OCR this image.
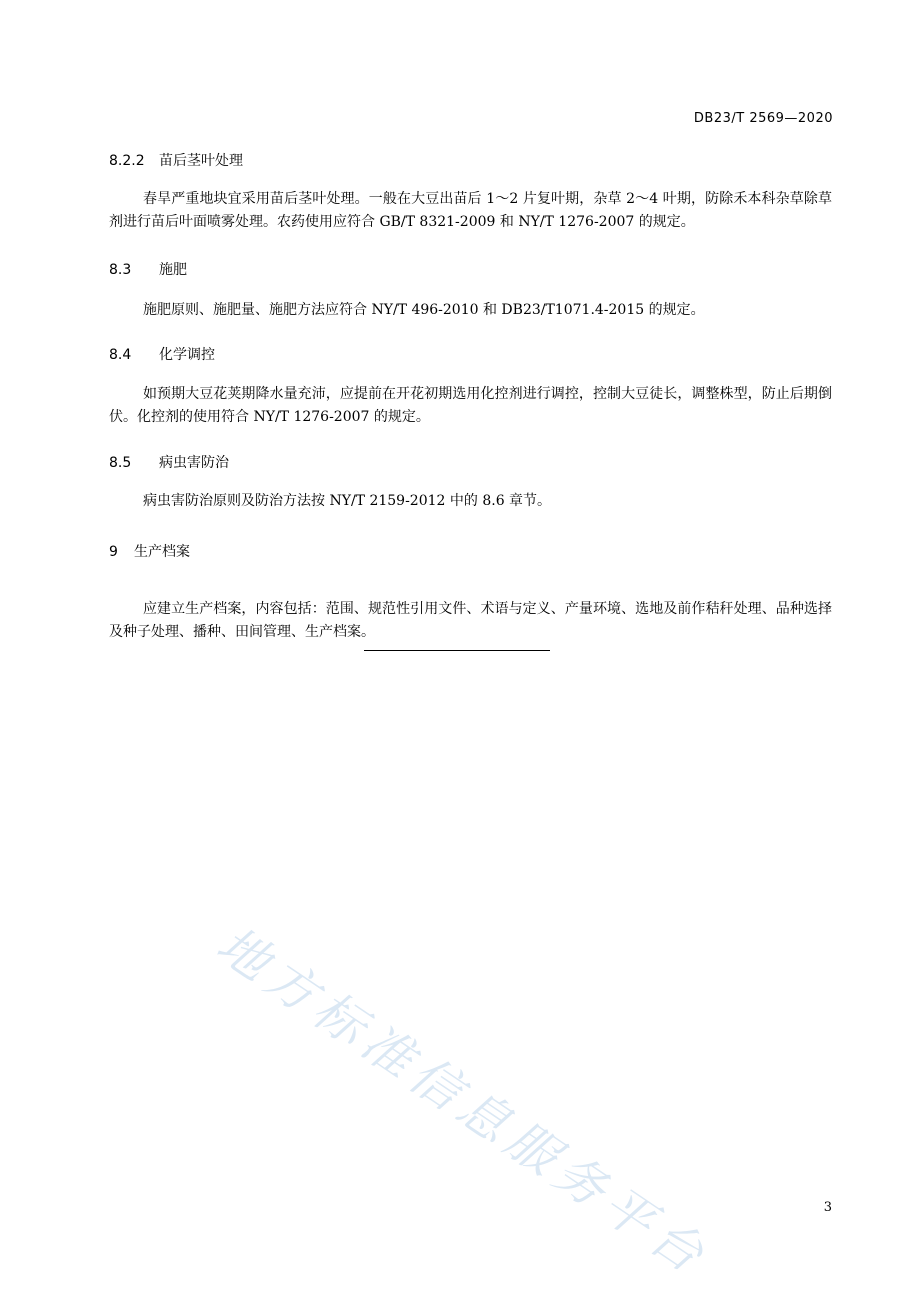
DB23/T 2569—2020
8.2.2 苗后茎叶处理

春旱严重地块宜采用苗后茎叶处理。一般在大豆出苗后 1～2 片复叶期，杂草 2～4 叶期，防除禾本科杂草除草剂进行苗后叶面喷雾处理。农药使用应符合 GB/T 8321-2009 和 NY/T 1276-2007 的规定。

8.3 施肥

施肥原则、施肥量、施肥方法应符合 NY/T 496-2010 和 DB23/T1071.4-2015 的规定。

8.4 化学调控

如预期大豆花荚期降水量充沛，应提前在开花初期选用化控剂进行调控，控制大豆徒长，调整株型，防止后期倒伏。化控剂的使用符合 NY/T 1276-2007 的规定。

8.5 病虫害防治

病虫害防治原则及防治方法按 NY/T 2159-2012 中的 8.6 章节。

9 生产档案

应建立生产档案，内容包括：范围、规范性引用文件、术语与定义、产量环境、选地及前作秸秆处理、品种选择及种子处理、播种、田间管理、生产档案。

地方标准信息服务平台	3
